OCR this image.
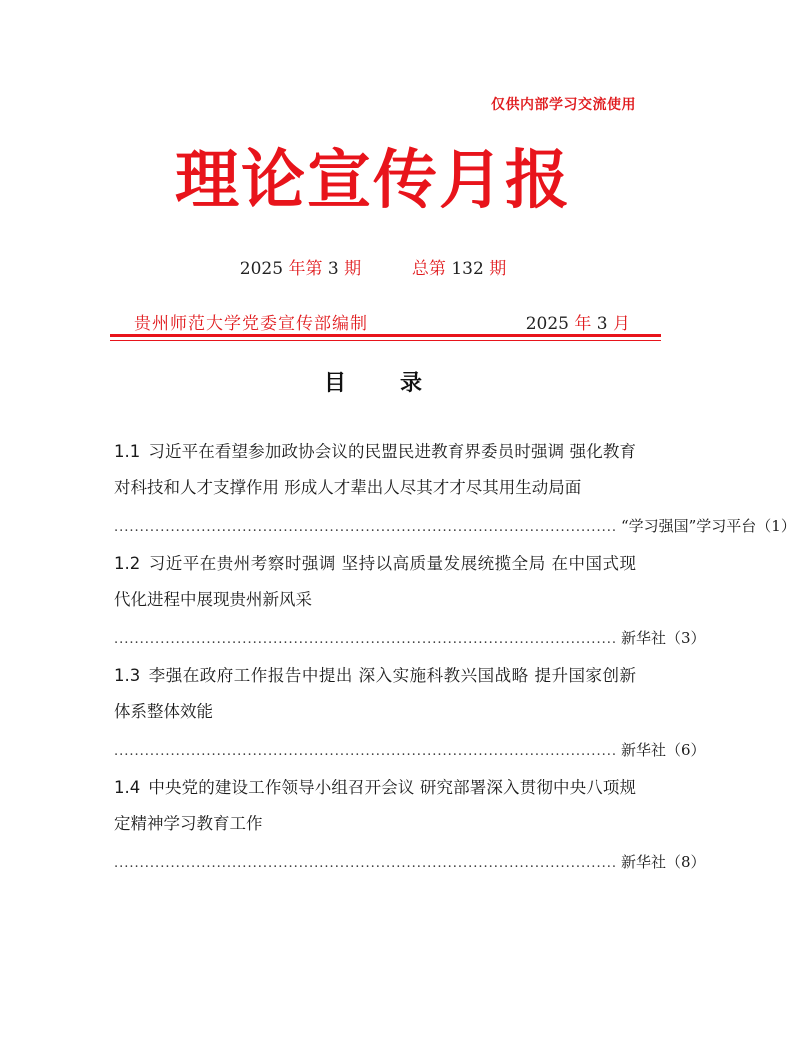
仅供内部学习交流使用
理论宣传月报
2025 年第 3 期	总第 132 期
贵州师范大学党委宣传部编制	2025 年 3 月
目录
1.1 习近平在看望参加政协会议的民盟民进教育界委员时强调 强化教育对科技和人才支撑作用 形成人才辈出人尽其才才尽其用生动局面
.................................................................................................. “学习强国”学习平台（1）
1.2 习近平在贵州考察时强调 坚持以高质量发展统揽全局 在中国式现代化进程中展现贵州新风采
.................................................................................................. 新华社（3）
1.3 李强在政府工作报告中提出 深入实施科教兴国战略 提升国家创新体系整体效能
.................................................................................................. 新华社（6）
1.4 中央党的建设工作领导小组召开会议 研究部署深入贯彻中央八项规定精神学习教育工作
.................................................................................................. 新华社（8）
